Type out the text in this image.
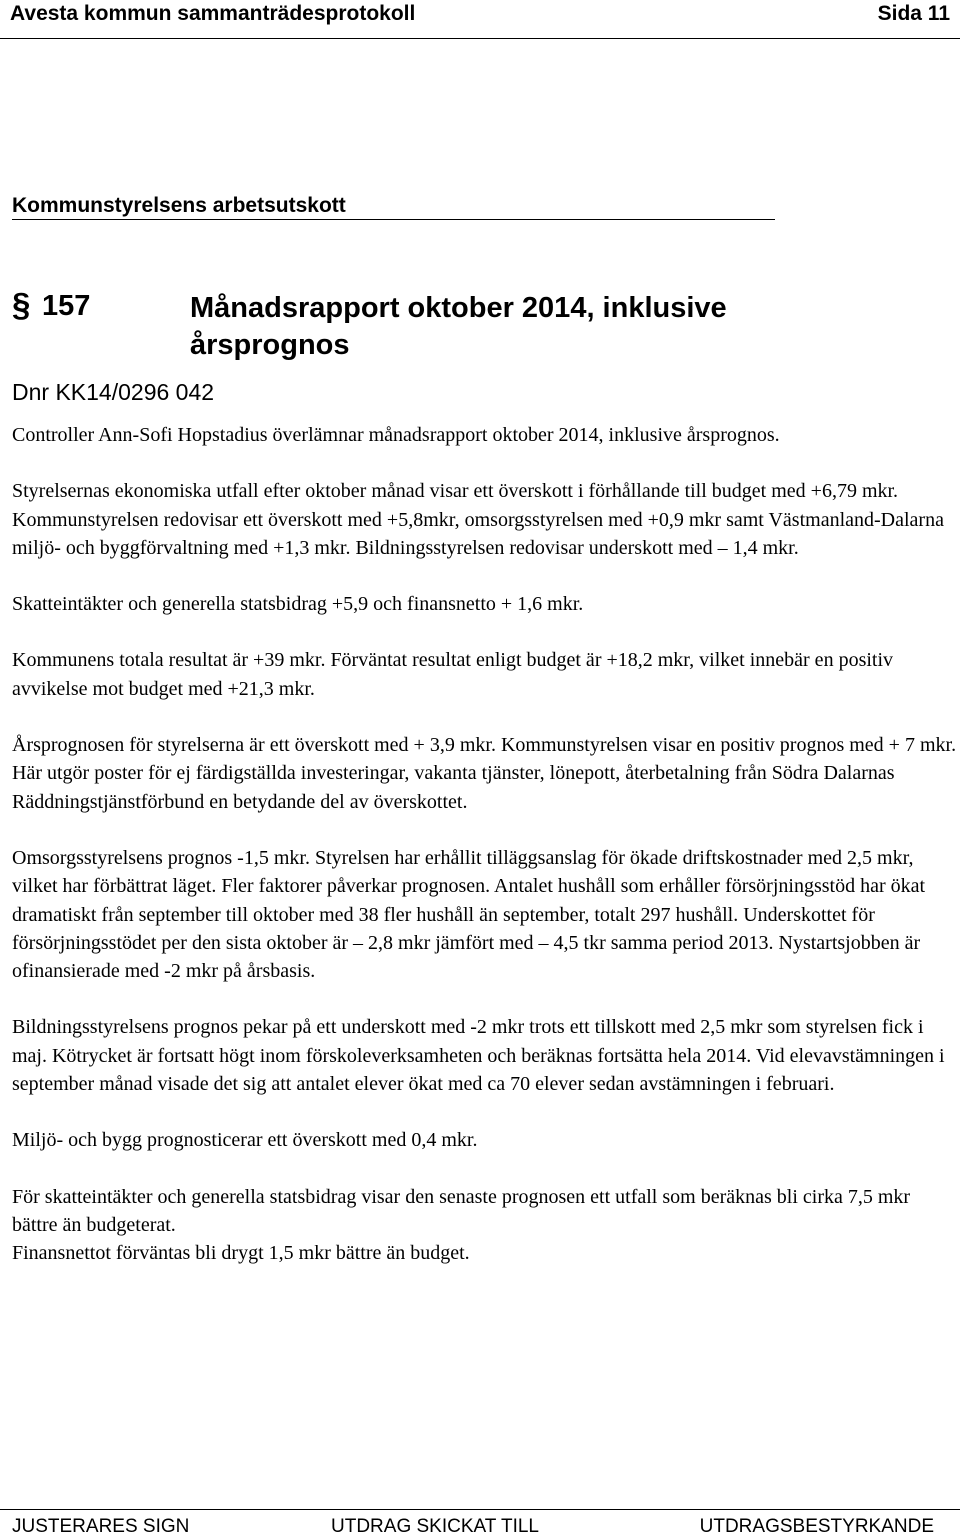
Avesta kommun sammanträdesprotokoll	Sida 11
Kommunstyrelsens arbetsutskott
§ 157	Månadsrapport oktober 2014, inklusive årsprognos
Dnr KK14/0296 042

Controller Ann-Sofi Hopstadius överlämnar månadsrapport oktober 2014, inklusive årsprognos.

Styrelsernas ekonomiska utfall efter oktober månad visar ett överskott i förhållande till budget med +6,79 mkr. Kommunstyrelsen redovisar ett överskott med +5,8mkr, omsorgsstyrelsen med +0,9 mkr samt Västmanland-Dalarna miljö- och byggförvaltning med +1,3 mkr. Bildningsstyrelsen redovisar underskott med – 1,4 mkr.

Skatteintäkter och generella statsbidrag +5,9 och finansnetto + 1,6 mkr.

Kommunens totala resultat är +39 mkr. Förväntat resultat enligt budget är +18,2 mkr, vilket innebär en positiv avvikelse mot budget med +21,3 mkr.

Årsprognosen för styrelserna är ett överskott med + 3,9 mkr. Kommunstyrelsen visar en positiv prognos med + 7 mkr. Här utgör poster för ej färdigställda investeringar, vakanta tjänster, lönepott, återbetalning från Södra Dalarnas Räddningstjänstförbund en betydande del av överskottet.

Omsorgsstyrelsens prognos -1,5 mkr. Styrelsen har erhållit tilläggsanslag för ökade driftskostnader med 2,5 mkr, vilket har förbättrat läget. Fler faktorer påverkar prognosen. Antalet hushåll som erhåller försörjningsstöd har ökat dramatiskt från september till oktober med 38 fler hushåll än september, totalt 297 hushåll. Underskottet för försörjningsstödet per den sista oktober är – 2,8 mkr jämfört med – 4,5 tkr samma period 2013. Nystartsjobben är ofinansierade med -2 mkr på årsbasis.

Bildningsstyrelsens prognos pekar på ett underskott med -2 mkr trots ett tillskott med 2,5 mkr som styrelsen fick i maj. Kötrycket är fortsatt högt inom förskoleverksamheten och beräknas fortsätta hela 2014. Vid elevavstämningen i september månad visade det sig att antalet elever ökat med ca 70 elever sedan avstämningen i februari.

Miljö- och bygg prognosticerar ett överskott med 0,4 mkr.

För skatteintäkter och generella statsbidrag visar den senaste prognosen ett utfall som beräknas bli cirka 7,5 mkr bättre än budgeterat.

Finansnettot förväntas bli drygt 1,5 mkr bättre än budget.

JUSTERARES SIGN	UTDRAG SKICKAT TILL	UTDRAGSBESTYRKANDE
